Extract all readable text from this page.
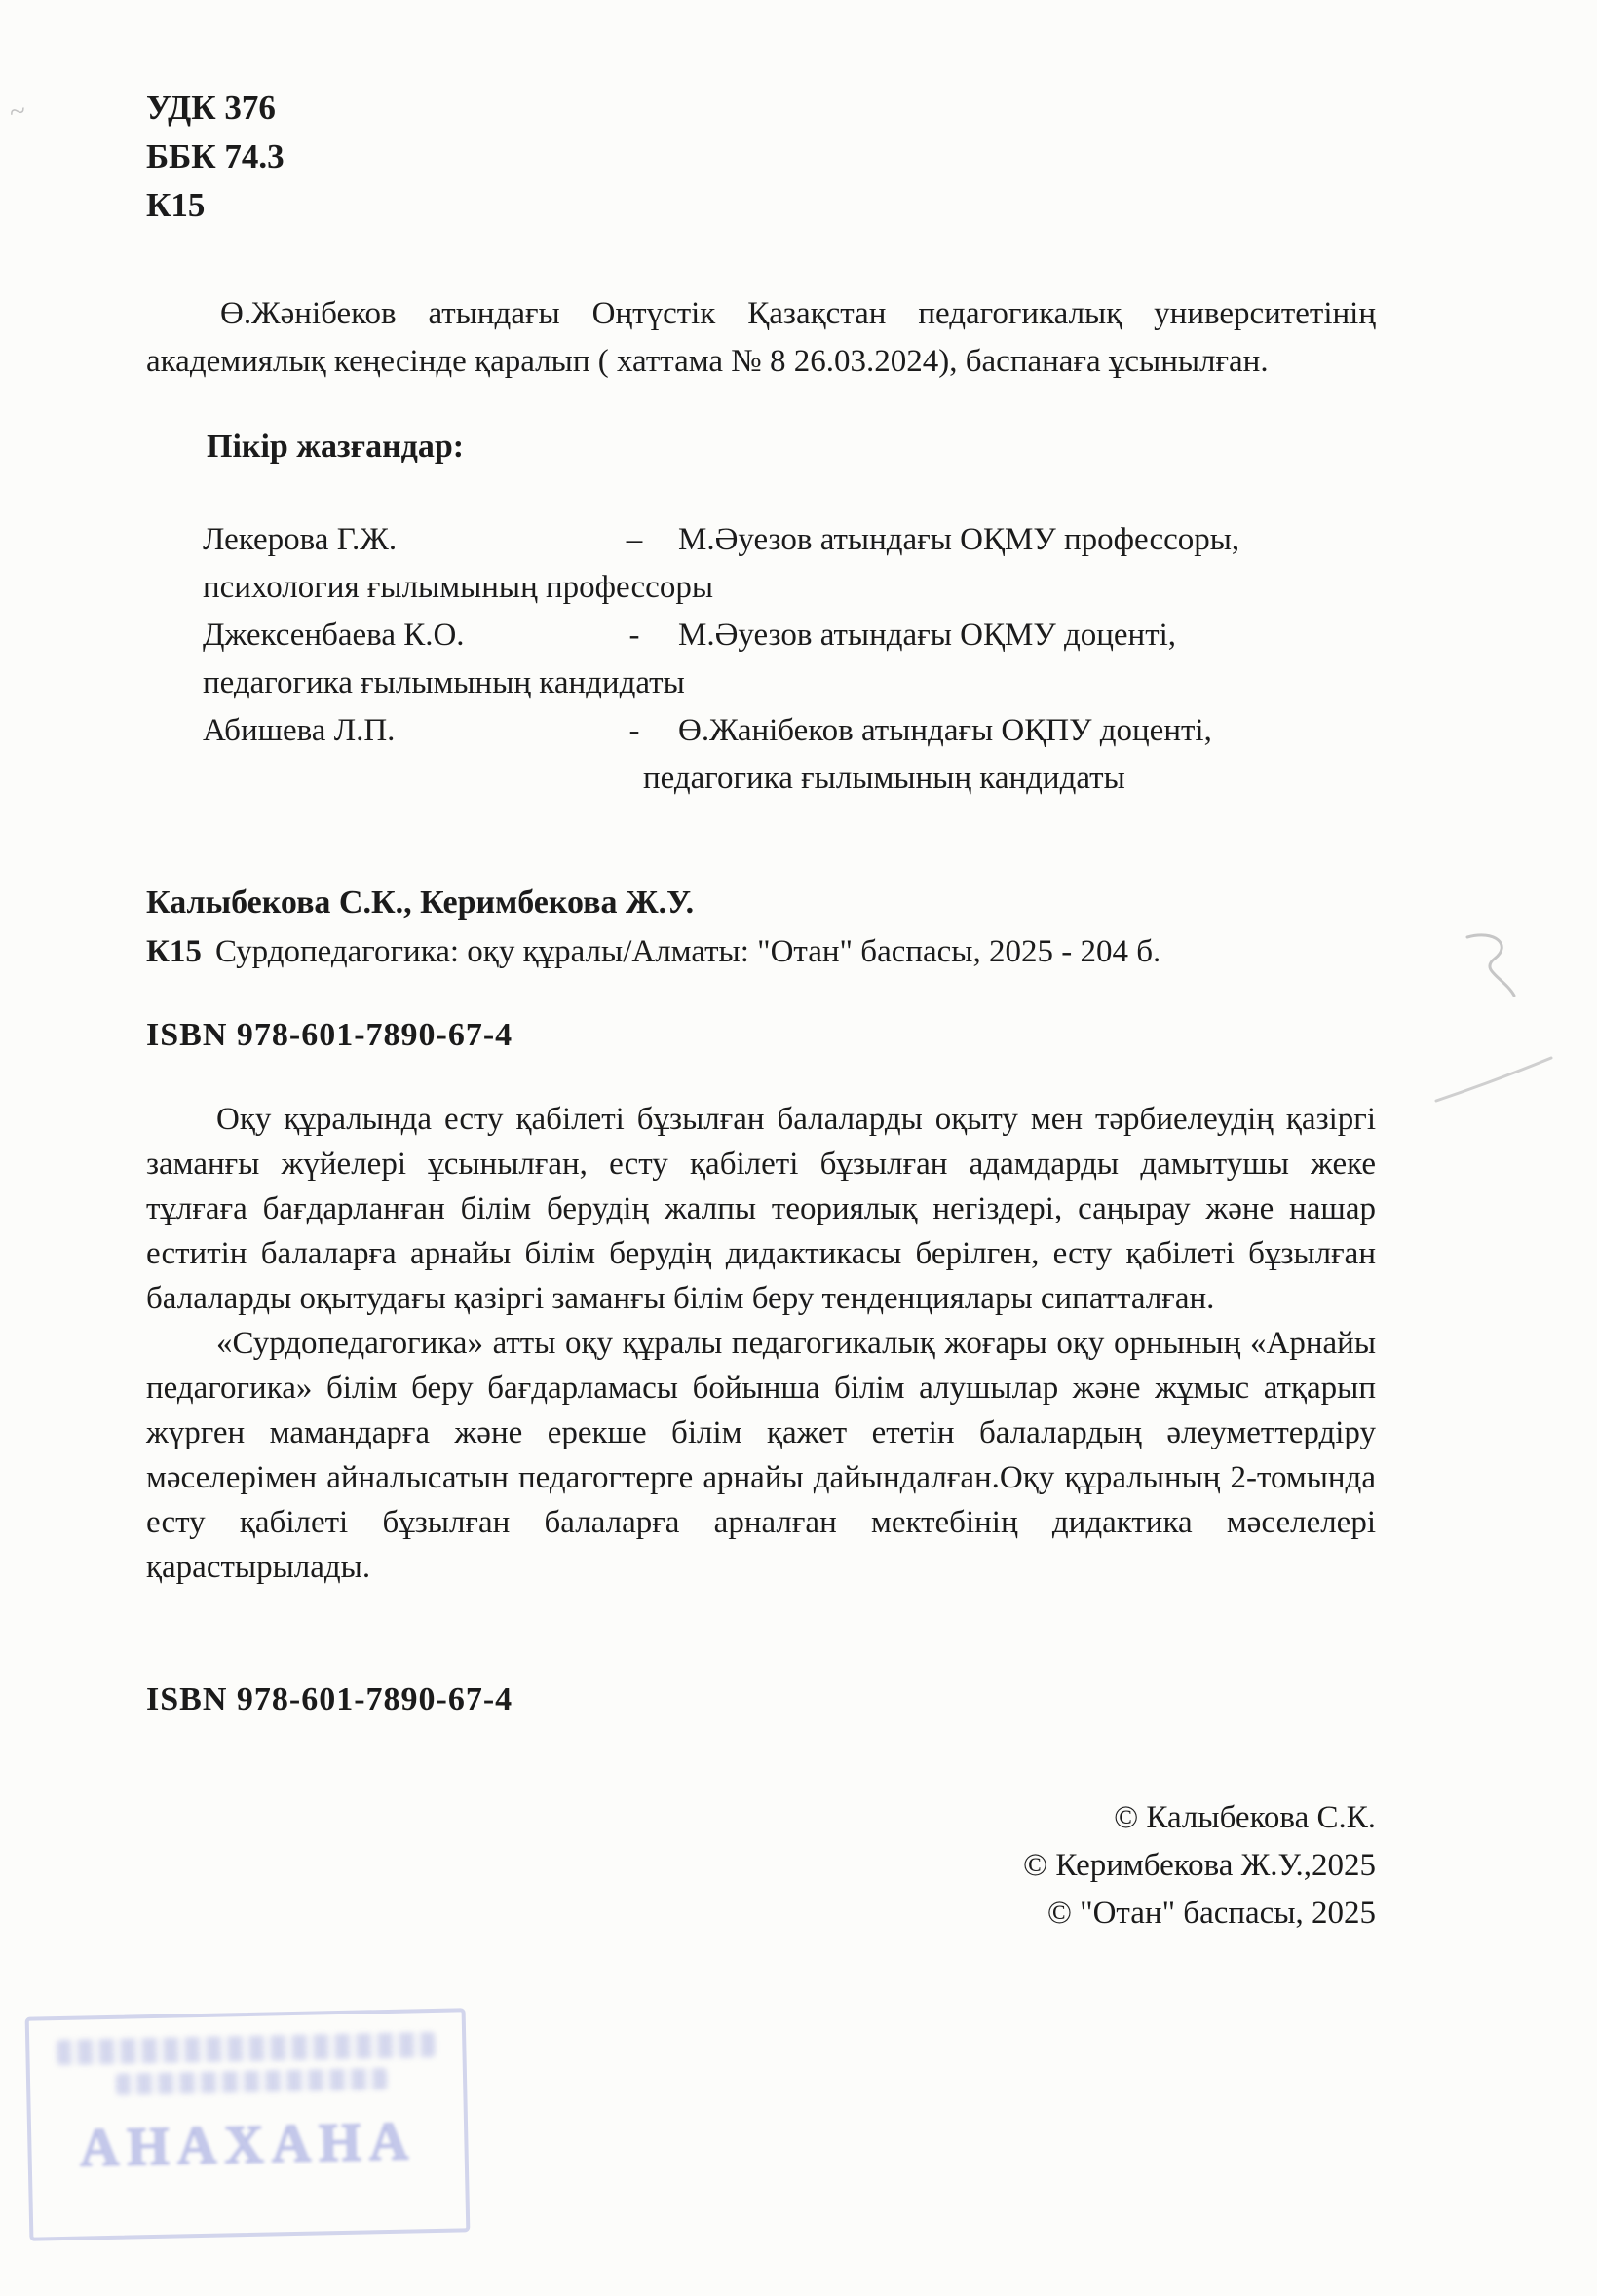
УДК 376
ББК 74.3
К15
Ө.Жәнібеков атындағы Оңтүстік Қазақстан педагогикалық университетінің академиялық кеңесінде қаралып ( хаттама № 8 26.03.2024), баспанаға ұсынылған.
Пікір жазғандар:
Лекерова Г.Ж.	–	М.Әуезов атындағы ОҚМУ профессоры,
психология ғылымының профессоры
Джексенбаева К.О.	-	М.Әуезов атындағы ОҚМУ доценті,
педагогика ғылымының кандидаты
Абишева Л.П.	-	Ө.Жанібеков атындағы ОҚПУ доценті,
педагогика ғылымының кандидаты
Калыбекова С.К., Керимбекова Ж.У.
К15 Сурдопедагогика: оқу құралы/Алматы: "Отан" баспасы, 2025 - 204 б.
ISBN 978-601-7890-67-4

Оқу құралында есту қабілеті бұзылған балаларды оқыту мен тәрбиелеудің қазіргі заманғы жүйелері ұсынылған, есту қабілеті бұзылған адамдарды дамытушы жеке тұлғаға бағдарланған білім берудің жалпы теориялық негіздері, саңырау және нашар еститін балаларға арнайы білім берудің дидактикасы берілген, есту қабілеті бұзылған балаларды оқытудағы қазіргі заманғы білім беру тенденциялары сипатталған.

«Сурдопедагогика» атты оқу құралы педагогикалық жоғары оқу орнының «Арнайы педагогика» білім беру бағдарламасы бойынша білім алушылар және жұмыс атқарып жүрген мамандарға және ерекше білім қажет ететін балалардың әлеуметтердіру мәселерімен айналысатын педагогтерге арнайы дайындалған.Оқу құралының 2-томында есту қабілеті бұзылған балаларға арналған мектебінің дидактика мәселелері қарастырылады.

ISBN 978-601-7890-67-4
© Калыбекова С.К.
© Керимбекова Ж.У.,2025
© "Отан" баспасы, 2025
АНАХАНА
~
